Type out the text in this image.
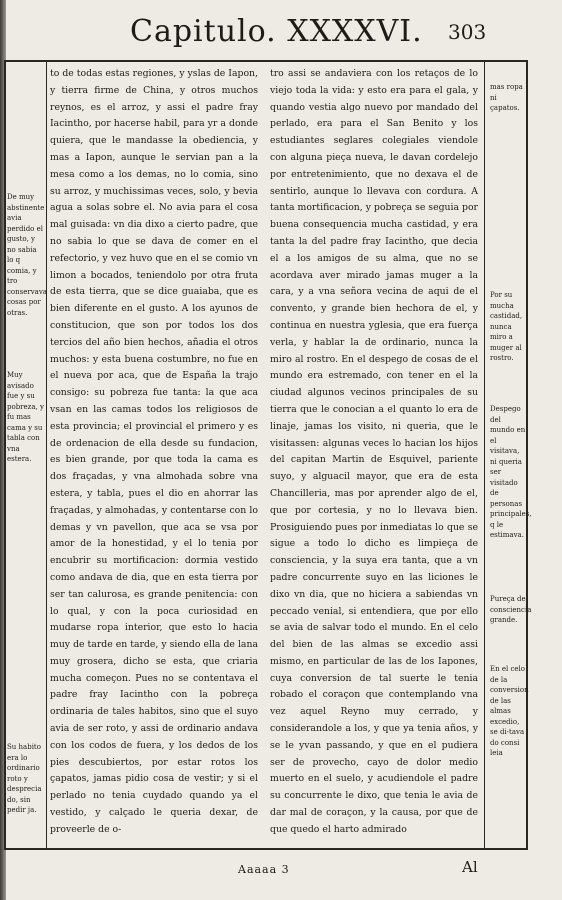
Capitulo. XXXXVI. 303

to de todas estas regiones, y yslas de Iapon, y tierra firme de China, y otros muchos reynos, es el arroz, y assi el padre fray Iacintho, por hacerse habil, para yr a donde quiera, que le mandasse la obediencia, y mas a Iapon, aunque le servian pan a la mesa como a los demas, no lo comia, sino su arroz, y muchissimas veces, solo, y bevia agua a solas sobre el. No avia para el cosa mal guisada: vn dia dixo a cierto padre, que no sabia lo que se dava de comer en el refectorio, y vez huvo que en el se comio vn limon a bocados, teniendolo por otra fruta de esta tierra, que se dice guaiaba, que es bien diferente en el gusto. A los ayunos de constitucion, que son por todos los dos tercios del año bien hechos, añadia el otros muchos: y esta buena costumbre, no fue en el nueva por aca, que de España la trajo consigo: su pobreza fue tanta: la que aca vsan en las camas todos los religiosos de esta provincia; el provincial el primero y es de ordenacion de ella desde su fundacion, es bien grande, por que toda la cama es dos fraçadas, y vna almohada sobre vna estera, y tabla, pues el dio en ahorrar las fraçadas, y almohadas, y contentarse con lo demas y vn pavellon, que aca se vsa por amor de la honestidad, y el lo tenia por encubrir su mortificacion: dormia vestido como andava de dia, que en esta tierra por ser tan calurosa, es grande penitencia: con lo qual, y con la poca curiosidad en mudarse ropa interior, que esto lo hacia muy de tarde en tarde, y siendo ella de lana muy grosera, dicho se esta, que criaria mucha começon. Pues no se contentava el padre fray Iacintho con la pobreça ordinaria de tales habitos, sino que el suyo avia de ser roto, y assi de ordinario andava con los codos de fuera, y los dedos de los pies descubiertos, por estar rotos los çapatos, jamas pidio cosa de vestir; y si el perlado no tenia cuydado quando ya el vestido, y calçado le queria dexar, de proveerle de o-

tro assi se andaviera con los retaços de lo viejo toda la vida: y esto era para el gala, y quando vestia algo nuevo por mandado del perlado, era para el San Benito y los estudiantes seglares colegiales viendole con alguna pieça nueva, le davan cordelejo por entretenimiento, que no dexava el de sentirlo, aunque lo llevava con cordura. A tanta mortificacion, y pobreça se seguia por buena consequencia mucha castidad, y era tanta la del padre fray Iacintho, que decia el a los amigos de su alma, que no se acordava aver mirado jamas muger a la cara, y a vna señora vecina de aqui de el convento, y grande bien hechora de el, y continua en nuestra yglesia, que era fuerça verla, y hablar la de ordinario, nunca la miro al rostro. En el despego de cosas de el mundo era estremado, con tener en el la ciudad algunos vecinos principales de su tierra que le conocian a el quanto lo era de linaje, jamas los visito, ni queria, que le visitassen: algunas veces lo hacian los hijos del capitan Martin de Esquivel, pariente suyo, y alguacil mayor, que era de esta Chancilleria, mas por aprender algo de el, que por cortesia, y no lo llevava bien. Prosiguiendo pues por inmediatas lo que se sigue a todo lo dicho es limpieça de consciencia, y la suya era tanta, que a vn padre concurrente suyo en las liciones le dixo vn dia, que no hiciera a sabiendas vn peccado venial, si entendiera, que por ello se avia de salvar todo el mundo. En el celo del bien de las almas se excedio assi mismo, en particular de las de los Iapones, cuya conversion de tal suerte le tenia robado el coraçon que contemplando vna vez aquel Reyno muy cerrado, y considerandole a los, y que ya tenia años, y se le yvan passando, y que en el pudiera ser de provecho, cayo de dolor medio muerto en el suelo, y acudiendole el padre su concurrente le dixo, que tenia le avia de dar mal de coraçon, y la causa, por que de que quedo el harto admirado

De muy abstinente avia perdido el gusto, y no sabia lo q comia, y tro conservava cosas por otras.
Muy avisado fue y su pobreza, y fu mas cama y su tabla con vna estera.
Su habito era lo ordinario roto y desprecia do, sin pedir ja.
mas ropa ni çapatos.
Por su mucha castidad, nunca miro a muger al rostro.
Despego del mundo en el visitava, ni queria ser visitado de personas principales, q le estimava.
Pureça de consciencia grande.
En el celo de la conversion de las almas excedio, se di-tava do consi leia
Aaaaa 3	Al
